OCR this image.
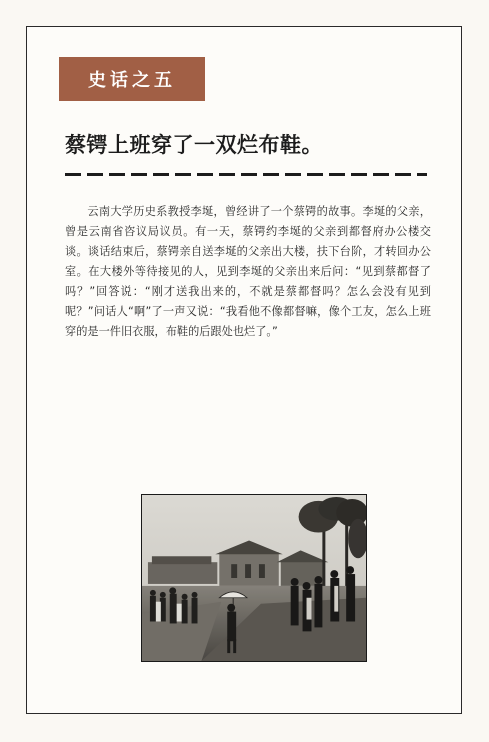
史话之五
蔡锷上班穿了一双烂布鞋。

云南大学历史系教授李埏，曾经讲了一个蔡锷的故事。李埏的父亲，曾是云南省咨议局议员。有一天，蔡锷约李埏的父亲到都督府办公楼交谈。谈话结束后，蔡锷亲自送李埏的父亲出大楼，扶下台阶，才转回办公室。在大楼外等待接见的人，见到李埏的父亲出来后问：“见到蔡都督了吗？”回答说：“刚才送我出来的，不就是蔡都督吗？怎么会没有见到呢？”问话人“啊”了一声又说：“我看他不像都督嘛，像个工友，怎么上班穿的是一件旧衣服，布鞋的后跟处也烂了。”
